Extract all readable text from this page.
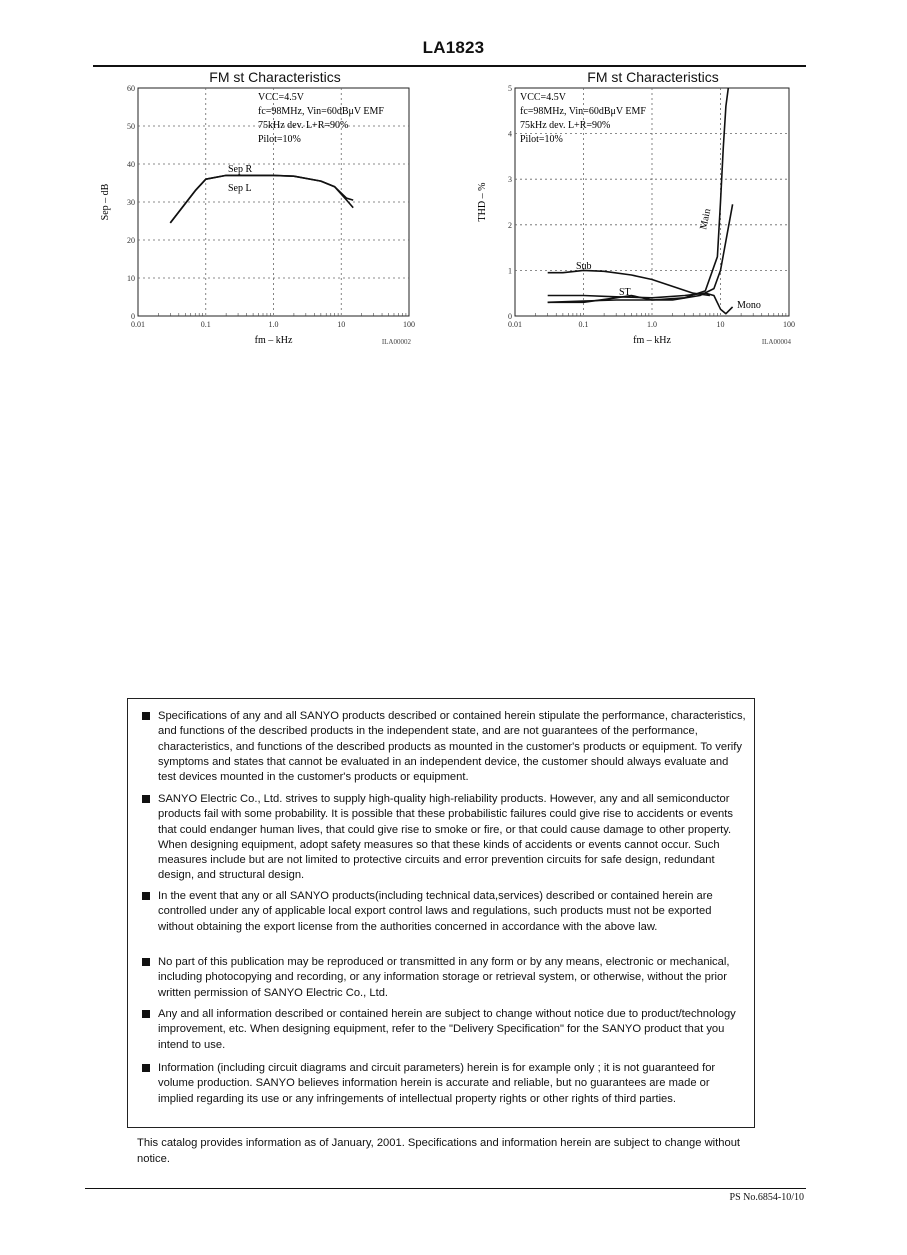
LA1823
FM st Characteristics
0.01	0.1	1.0	10	100
0
10
20
30
40
50
60
fm – kHz
Sep – dB
ILA00002
VCC=4.5V
fc=98MHz, Vin=60dBμV EMF
75kHz dev. L+R=90%
Pilot=10%
Sep R
Sep L
FM st Characteristics
0.01	0.1	1.0	10	100
0
1
2
3
4
5
fm – kHz
THD – %
ILA00004
VCC=4.5V
fc=98MHz, Vin=60dBμV EMF
75kHz dev. L+R=90%
Pilot=10%
Main
Sub
ST
Mono
Specifications of any and all SANYO products described or contained herein stipulate the performance, characteristics, and functions of the described products in the independent state, and are not guarantees of the performance, characteristics, and functions of the described products as mounted in the customer's products or equipment. To verify symptoms and states that cannot be evaluated in an independent device, the customer should always evaluate and test devices mounted in the customer's products or equipment.
SANYO Electric Co., Ltd. strives to supply high-quality high-reliability products. However, any and all semiconductor products fail with some probability. It is possible that these probabilistic failures could give rise to accidents or events that could endanger human lives, that could give rise to smoke or fire, or that could cause damage to other property. When designing equipment, adopt safety measures so that these kinds of accidents or events cannot occur. Such measures include but are not limited to protective circuits and error prevention circuits for safe design, redundant design, and structural design.
In the event that any or all SANYO products(including technical data,services) described or contained herein are controlled under any of applicable local export control laws and regulations, such products must not be exported without obtaining the export license from the authorities concerned in accordance with the above law.
No part of this publication may be reproduced or transmitted in any form or by any means, electronic or mechanical, including photocopying and recording, or any information storage or retrieval system, or otherwise, without the prior written permission of SANYO Electric Co., Ltd.
Any and all information described or contained herein are subject to change without notice due to product/technology improvement, etc. When designing equipment, refer to the "Delivery Specification" for the SANYO product that you intend to use.
Information (including circuit diagrams and circuit parameters) herein is for example only ; it is not guaranteed for volume production. SANYO believes information herein is accurate and reliable, but no guarantees are made or implied regarding its use or any infringements of intellectual property rights or other rights of third parties.
This catalog provides information as of January, 2001. Specifications and information herein are subject to change without notice.
PS No.6854-10/10
